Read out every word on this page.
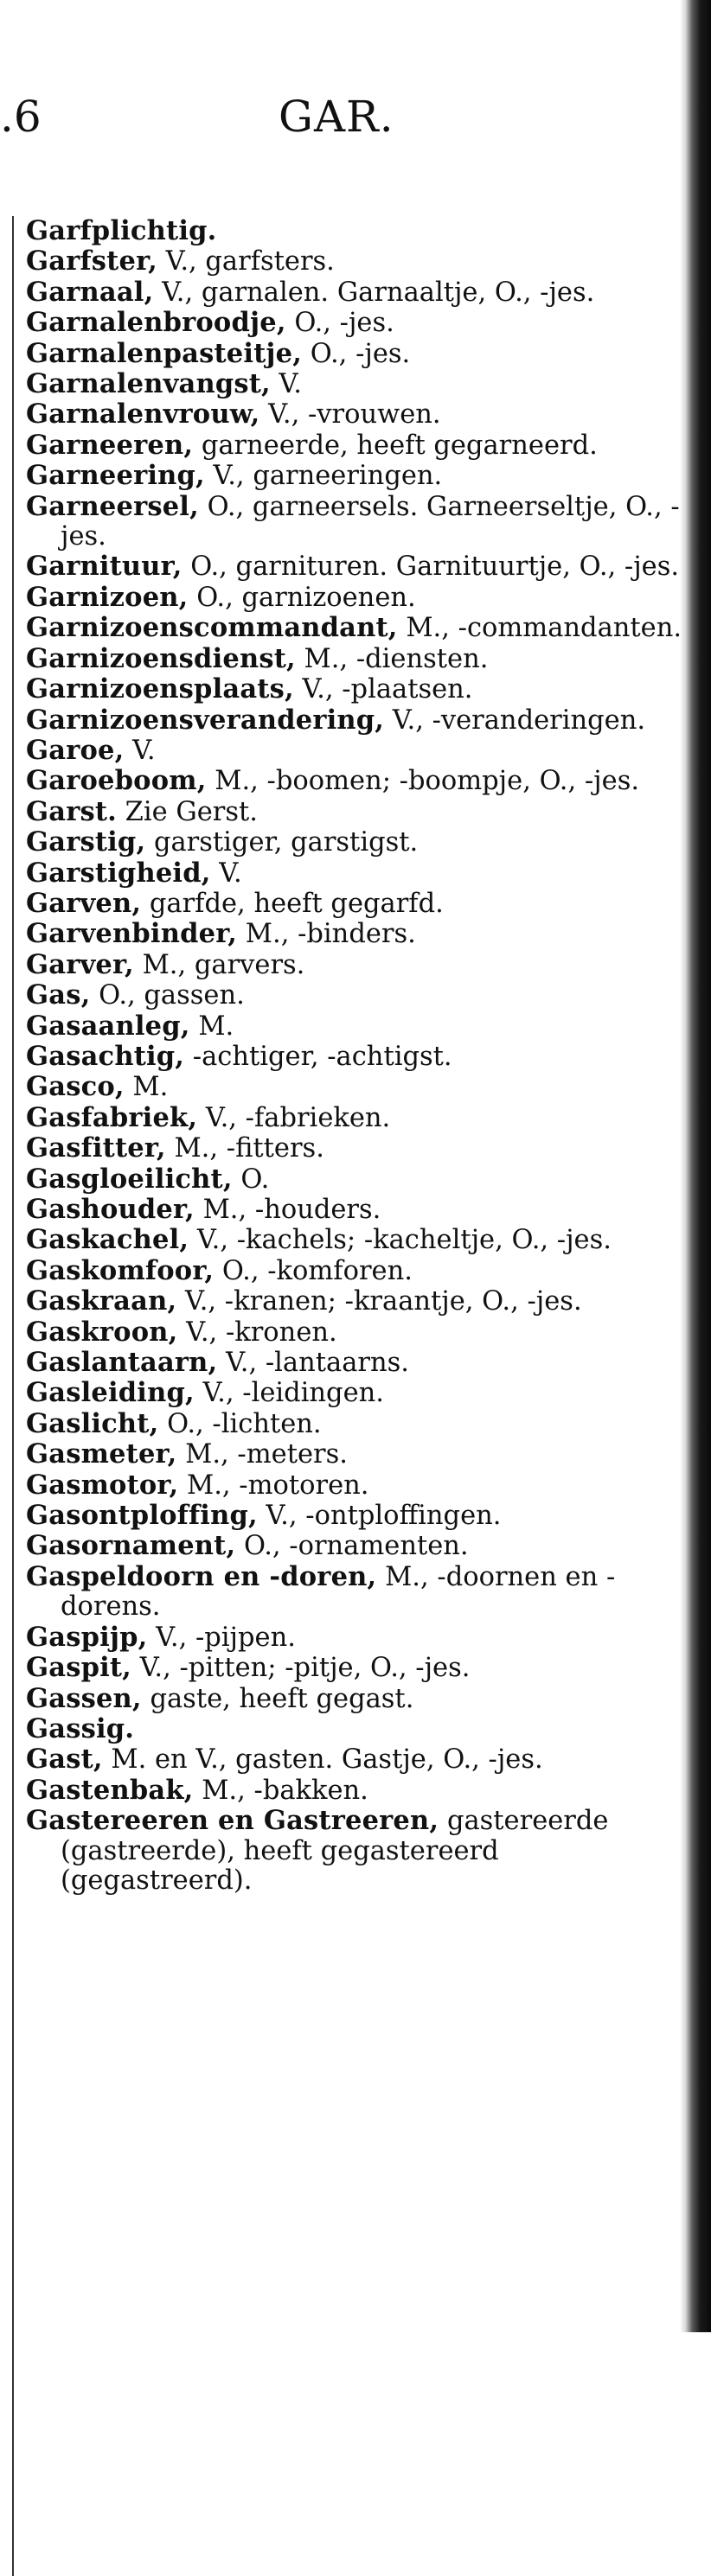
.6	GAR.

Garfplichtig.

Garfster, V., garfsters.

Garnaal, V., garnalen. Garnaaltje, O., -jes.

Garnalenbroodje, O., -jes.

Garnalenpasteitje, O., -jes.

Garnalenvangst, V.

Garnalenvrouw, V., -vrouwen.

Garneeren, garneerde, heeft gegarneerd.

Garneering, V., garneeringen.

Garneersel, O., garneersels. Garneerseltje, O., -jes.

Garnituur, O., garnituren. Garnituurtje, O., -jes.

Garnizoen, O., garnizoenen.

Garnizoenscommandant, M., -commandanten.

Garnizoensdienst, M., -diensten.

Garnizoensplaats, V., -plaatsen.

Garnizoensverandering, V., -veranderingen.

Garoe, V.

Garoeboom, M., -boomen; -boompje, O., -jes.

Garst. Zie Gerst.

Garstig, garstiger, garstigst.

Garstigheid, V.

Garven, garfde, heeft gegarfd.

Garvenbinder, M., -binders.

Garver, M., garvers.

Gas, O., gassen.

Gasaanleg, M.

Gasachtig, -achtiger, -achtigst.

Gasco, M.

Gasfabriek, V., -fabrieken.

Gasfitter, M., -fitters.

Gasgloeilicht, O.

Gashouder, M., -houders.

Gaskachel, V., -kachels; -kacheltje, O., -jes.

Gaskomfoor, O., -komforen.

Gaskraan, V., -kranen; -kraantje, O., -jes.

Gaskroon, V., -kronen.

Gaslantaarn, V., -lantaarns.

Gasleiding, V., -leidingen.

Gaslicht, O., -lichten.

Gasmeter, M., -meters.

Gasmotor, M., -motoren.

Gasontploffing, V., -ontploffingen.

Gasornament, O., -ornamenten.

Gaspeldoorn en -doren, M., -doornen en -dorens.

Gaspijp, V., -pijpen.

Gaspit, V., -pitten; -pitje, O., -jes.

Gassen, gaste, heeft gegast.

Gassig.

Gast, M. en V., gasten. Gastje, O., -jes.

Gastenbak, M., -bakken.

Gastereeren en Gastreeren, gastereerde (gastreerde), heeft gegastereerd (gegastreerd).
